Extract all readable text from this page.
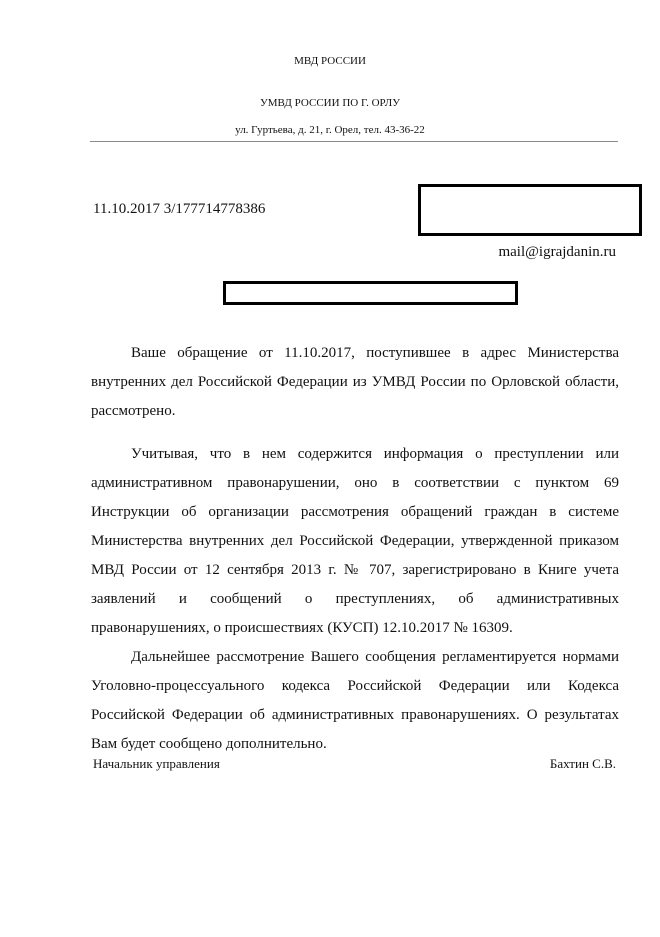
МВД РОССИИ
УМВД РОССИИ ПО Г. ОРЛУ
ул. Гуртьева, д. 21, г. Орел, тел. 43-36-22
11.10.2017 3/177714778386
mail@igrajdanin.ru

Ваше обращение от 11.10.2017, поступившее в адрес Министерства внутренних дел Российской Федерации из УМВД России по Орловской области, рассмотрено.

Учитывая, что в нем содержится информация о преступлении или административном правонарушении, оно в соответствии с пунктом 69 Инструкции об организации рассмотрения обращений граждан в системе Министерства внутренних дел Российской Федерации, утвержденной приказом МВД России от 12 сентября 2013 г. № 707, зарегистрировано в Книге учета заявлений и сообщений о преступлениях, об административных правонарушениях, о происшествиях (КУСП) 12.10.2017 № 16309.

Дальнейшее рассмотрение Вашего сообщения регламентируется нормами Уголовно-процессуального кодекса Российской Федерации или Кодекса Российской Федерации об административных правонарушениях. О результатах Вам будет сообщено дополнительно.

Начальник управления	Бахтин С.В.
